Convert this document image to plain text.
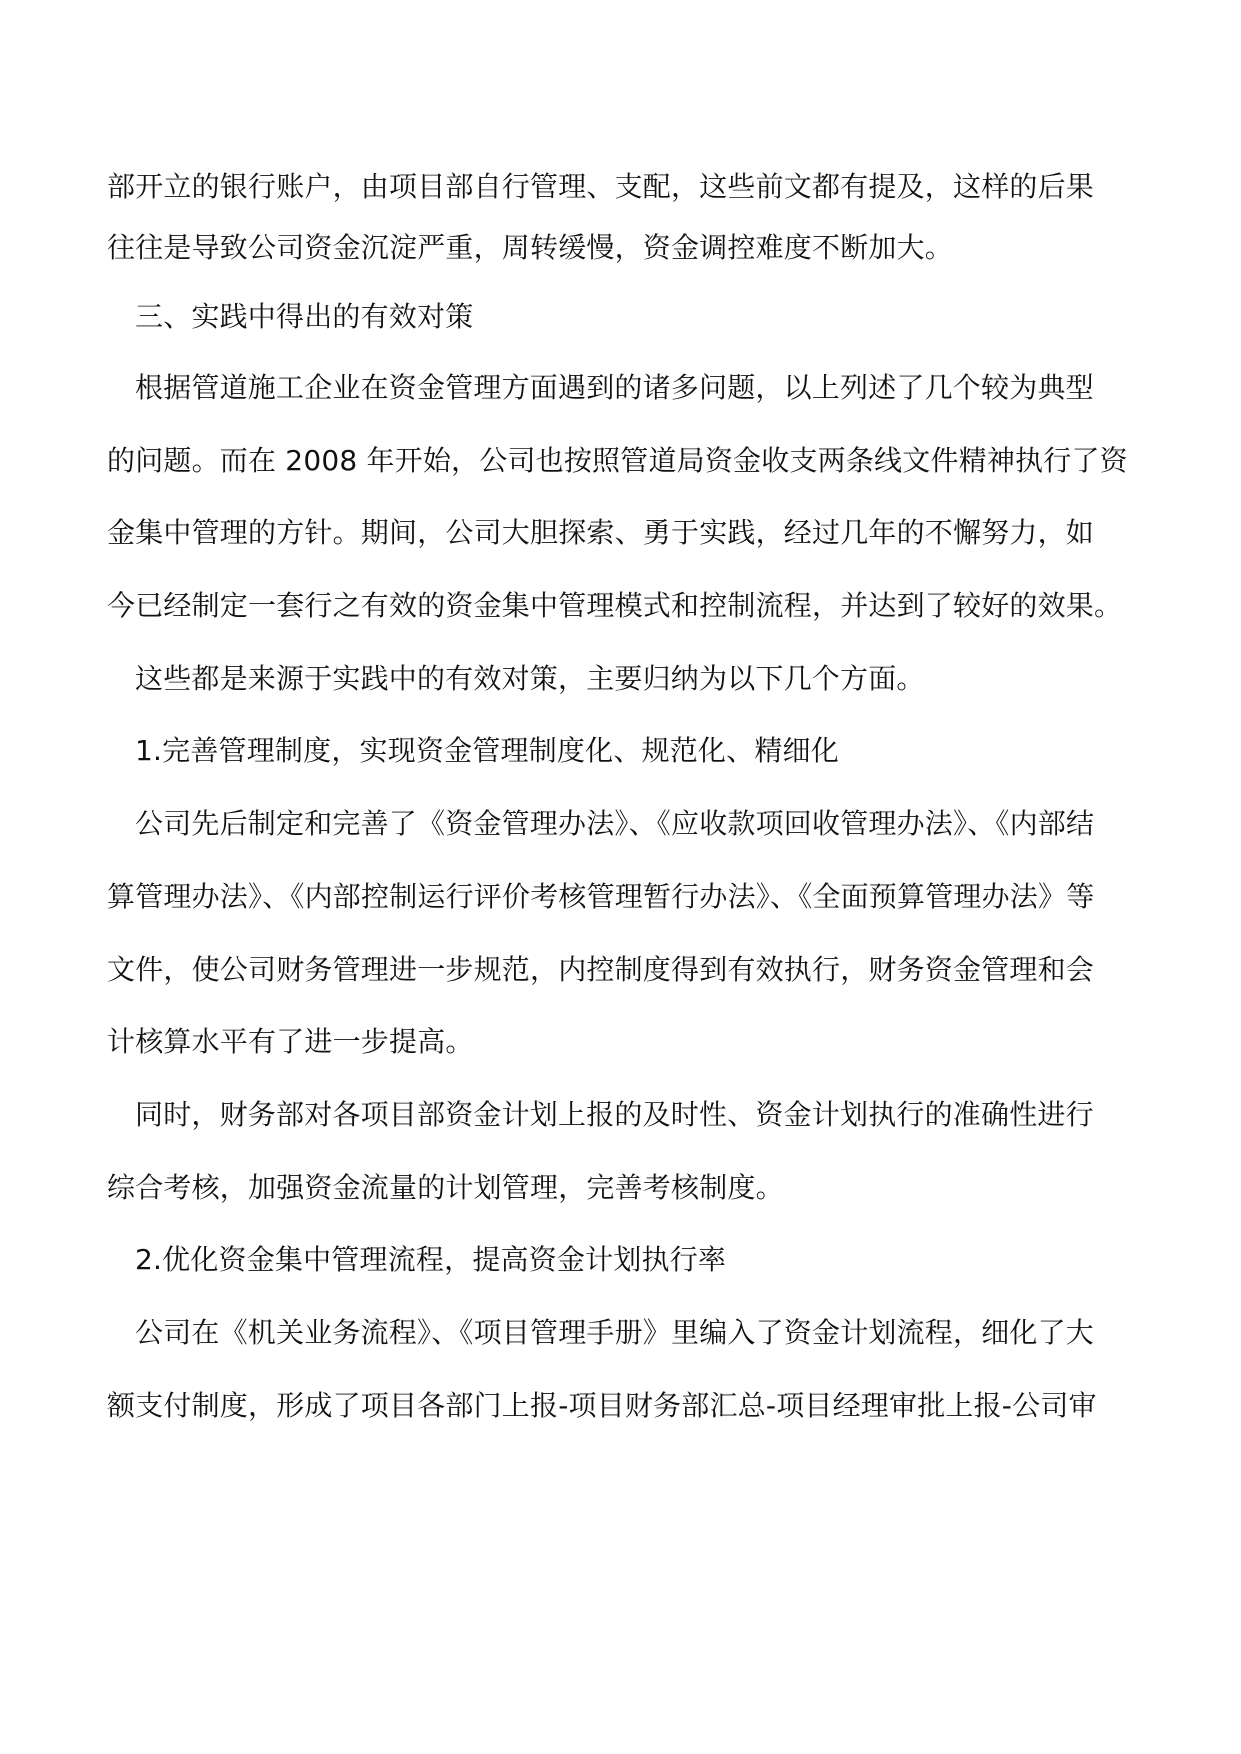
部开立的银行账户，由项目部自行管理、支配，这些前文都有提及，这样的后果
往往是导致公司资金沉淀严重，周转缓慢，资金调控难度不断加大。
三、实践中得出的有效对策
根据管道施工企业在资金管理方面遇到的诸多问题，以上列述了几个较为典型
的问题。而在 2008 年开始，公司也按照管道局资金收支两条线文件精神执行了资
金集中管理的方针。期间，公司大胆探索、勇于实践，经过几年的不懈努力，如
今已经制定一套行之有效的资金集中管理模式和控制流程，并达到了较好的效果。
这些都是来源于实践中的有效对策，主要归纳为以下几个方面。
1.完善管理制度，实现资金管理制度化、规范化、精细化
公司先后制定和完善了《资金管理办法》、《应收款项回收管理办法》、《内部结
算管理办法》、《内部控制运行评价考核管理暂行办法》、《全面预算管理办法》等
文件，使公司财务管理进一步规范，内控制度得到有效执行，财务资金管理和会
计核算水平有了进一步提高。
同时，财务部对各项目部资金计划上报的及时性、资金计划执行的准确性进行
综合考核，加强资金流量的计划管理，完善考核制度。
2.优化资金集中管理流程，提高资金计划执行率
公司在《机关业务流程》、《项目管理手册》里编入了资金计划流程，细化了大
额支付制度，形成了项目各部门上报-项目财务部汇总-项目经理审批上报-公司审
